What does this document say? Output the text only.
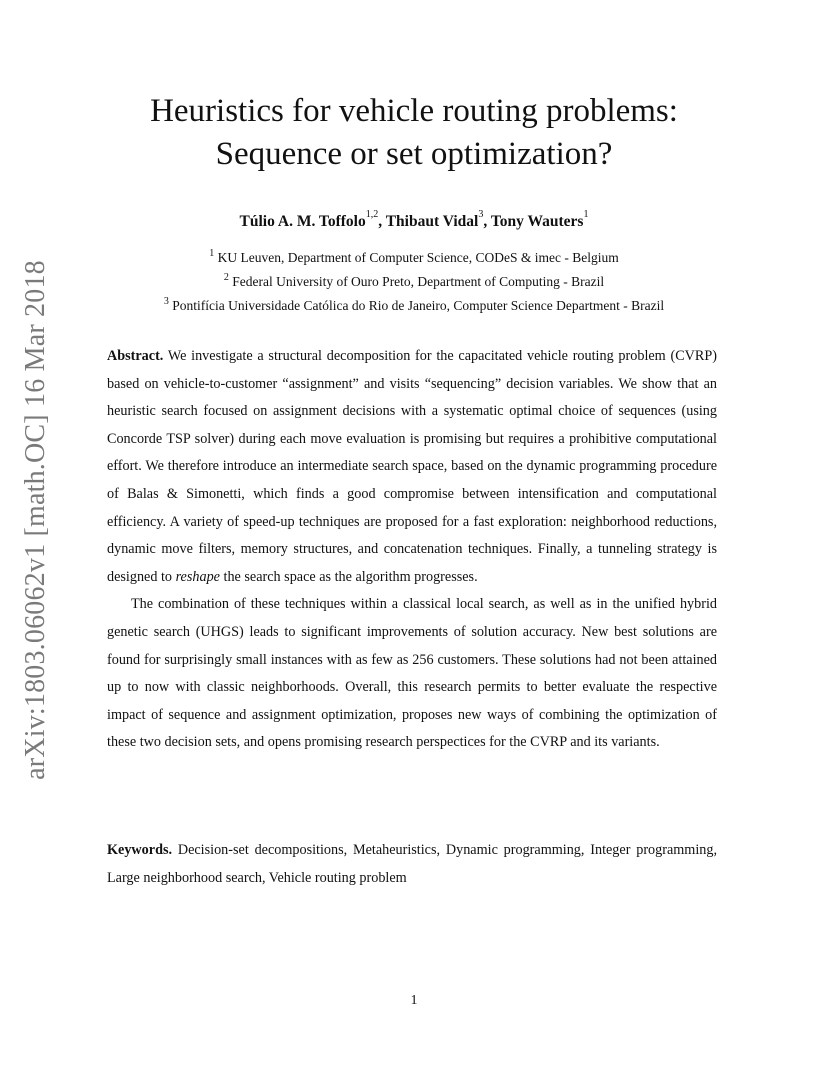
arXiv:1803.06062v1 [math.OC] 16 Mar 2018
Heuristics for vehicle routing problems:
Sequence or set optimization?
Túlio A. M. Toffolo$^{1,2}$, Thibaut Vidal$^3$, Tony Wauters$^1$
$^1$ KU Leuven, Department of Computer Science, CODeS & imec - Belgium
$^2$ Federal University of Ouro Preto, Department of Computing - Brazil
$^3$ Pontifícia Universidade Católica do Rio de Janeiro, Computer Science Department - Brazil

Abstract. We investigate a structural decomposition for the capacitated vehicle routing problem (CVRP) based on vehicle-to-customer “assignment” and visits “sequencing” decision variables. We show that an heuristic search focused on assignment decisions with a systematic optimal choice of sequences (using Concorde TSP solver) during each move evaluation is promising but requires a prohibitive computational effort. We therefore introduce an intermediate search space, based on the dynamic programming procedure of Balas & Simonetti, which finds a good compromise between intensification and computational efficiency. A variety of speed-up techniques are proposed for a fast exploration: neighborhood reductions, dynamic move filters, memory structures, and concatenation techniques. Finally, a tunneling strategy is designed to reshape the search space as the algorithm progresses.

The combination of these techniques within a classical local search, as well as in the unified hybrid genetic search (UHGS) leads to significant improvements of solution accuracy. New best solutions are found for surprisingly small instances with as few as 256 customers. These solutions had not been attained up to now with classic neighborhoods. Overall, this research permits to better evaluate the respective impact of sequence and assignment optimization, proposes new ways of combining the optimization of these two decision sets, and opens promising research perspectices for the CVRP and its variants.

Keywords. Decision-set decompositions, Metaheuristics, Dynamic programming, Integer programming, Large neighborhood search, Vehicle routing problem
1
